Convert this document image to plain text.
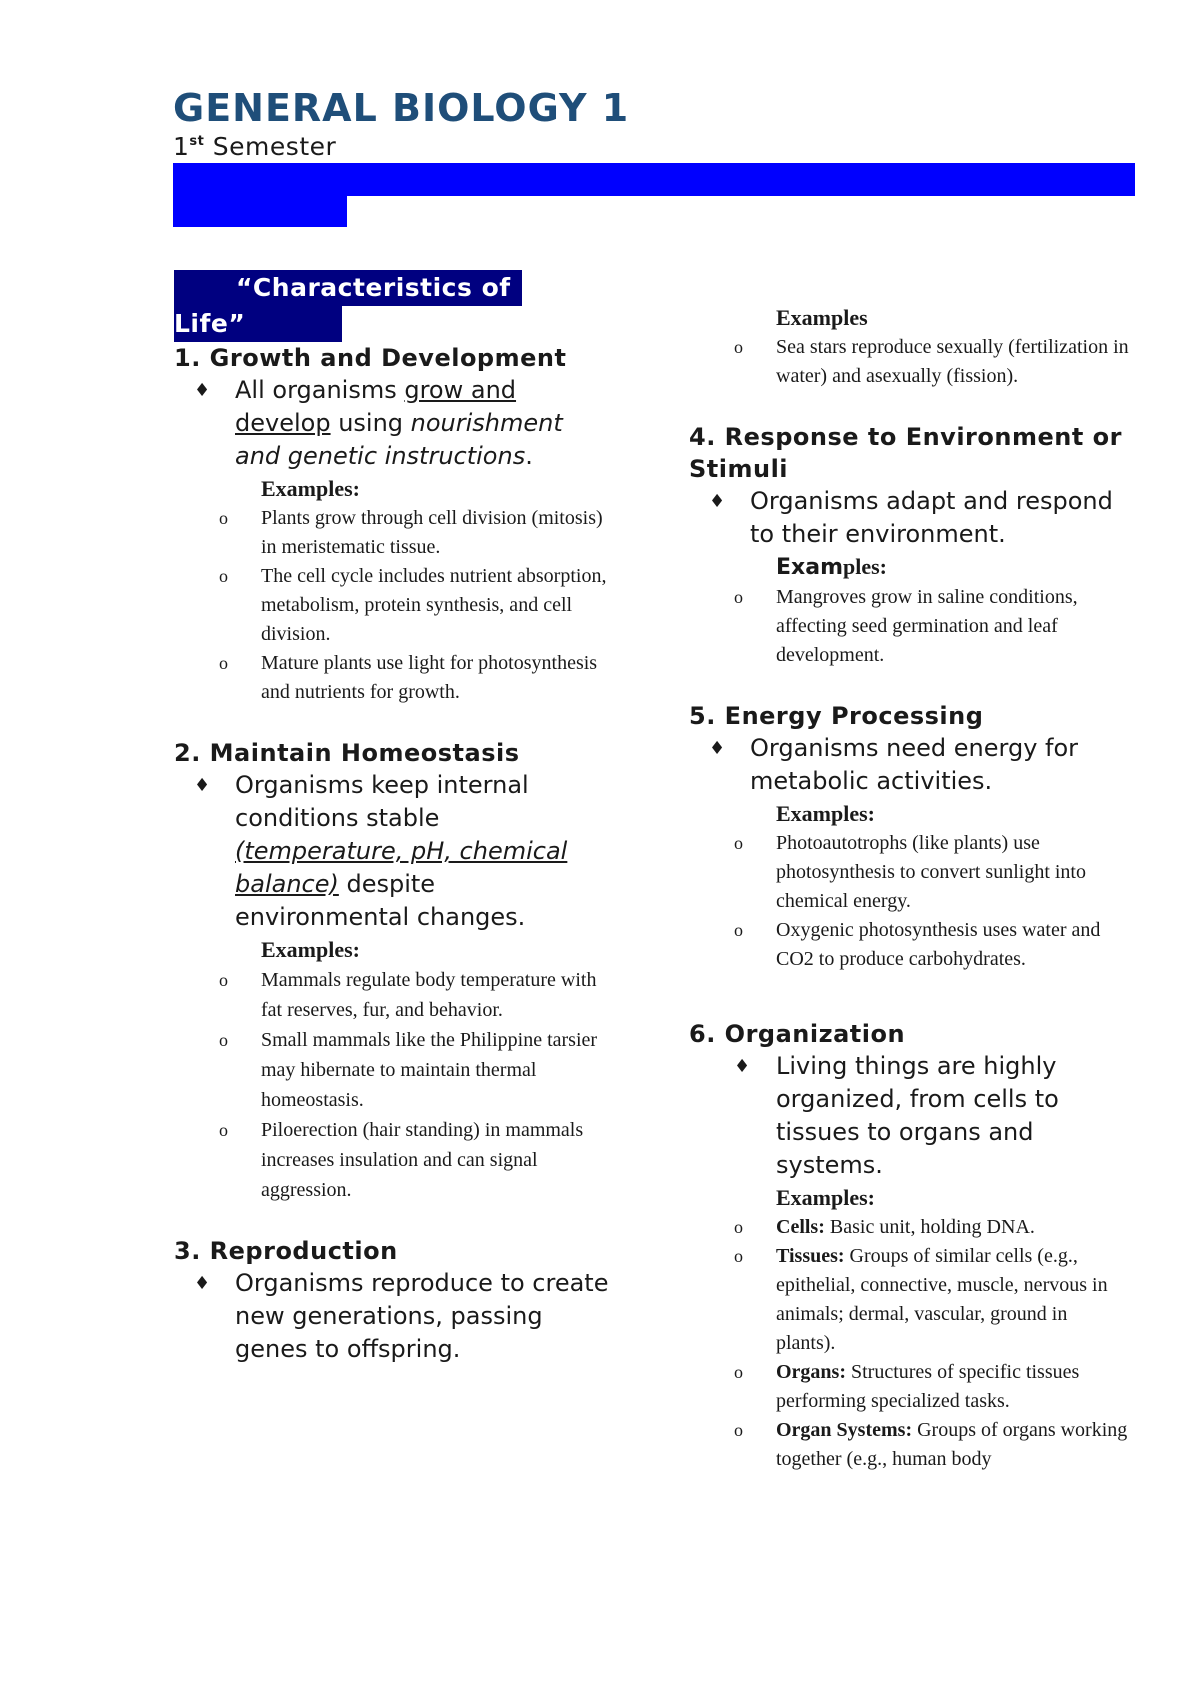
GENERAL BIOLOGY 1
1st Semester
“Characteristics of
Life”
1. Growth and Development
♦ All organisms grow and develop using nourishment and genetic instructions.
Examples:
o Plants grow through cell division (mitosis) in meristematic tissue.
o The cell cycle includes nutrient absorption, metabolism, protein synthesis, and cell division.
o Mature plants use light for photosynthesis and nutrients for growth.
2. Maintain Homeostasis
♦ Organisms keep internal conditions stable (temperature, pH, chemical balance) despite environmental changes.
Examples:
o Mammals regulate body temperature with fat reserves, fur, and behavior.
o Small mammals like the Philippine tarsier may hibernate to maintain thermal homeostasis.
o Piloerection (hair standing) in mammals increases insulation and can signal aggression.
3. Reproduction
♦ Organisms reproduce to create new generations, passing genes to offspring.
Examples
o Sea stars reproduce sexually (fertilization in water) and asexually (fission).
4. Response to Environment or Stimuli
♦ Organisms adapt and respond to their environment.
Examples:
o Mangroves grow in saline conditions, affecting seed germination and leaf development.
5. Energy Processing
♦ Organisms need energy for metabolic activities.
Examples:
o Photoautotrophs (like plants) use photosynthesis to convert sunlight into chemical energy.
o Oxygenic photosynthesis uses water and CO2 to produce carbohydrates.
6. Organization
♦ Living things are highly organized, from cells to tissues to organs and systems.
Examples:
o Cells: Basic unit, holding DNA.
o Tissues: Groups of similar cells (e.g., epithelial, connective, muscle, nervous in animals; dermal, vascular, ground in plants).
o Organs: Structures of specific tissues performing specialized tasks.
o Organ Systems: Groups of organs working together (e.g., human body
